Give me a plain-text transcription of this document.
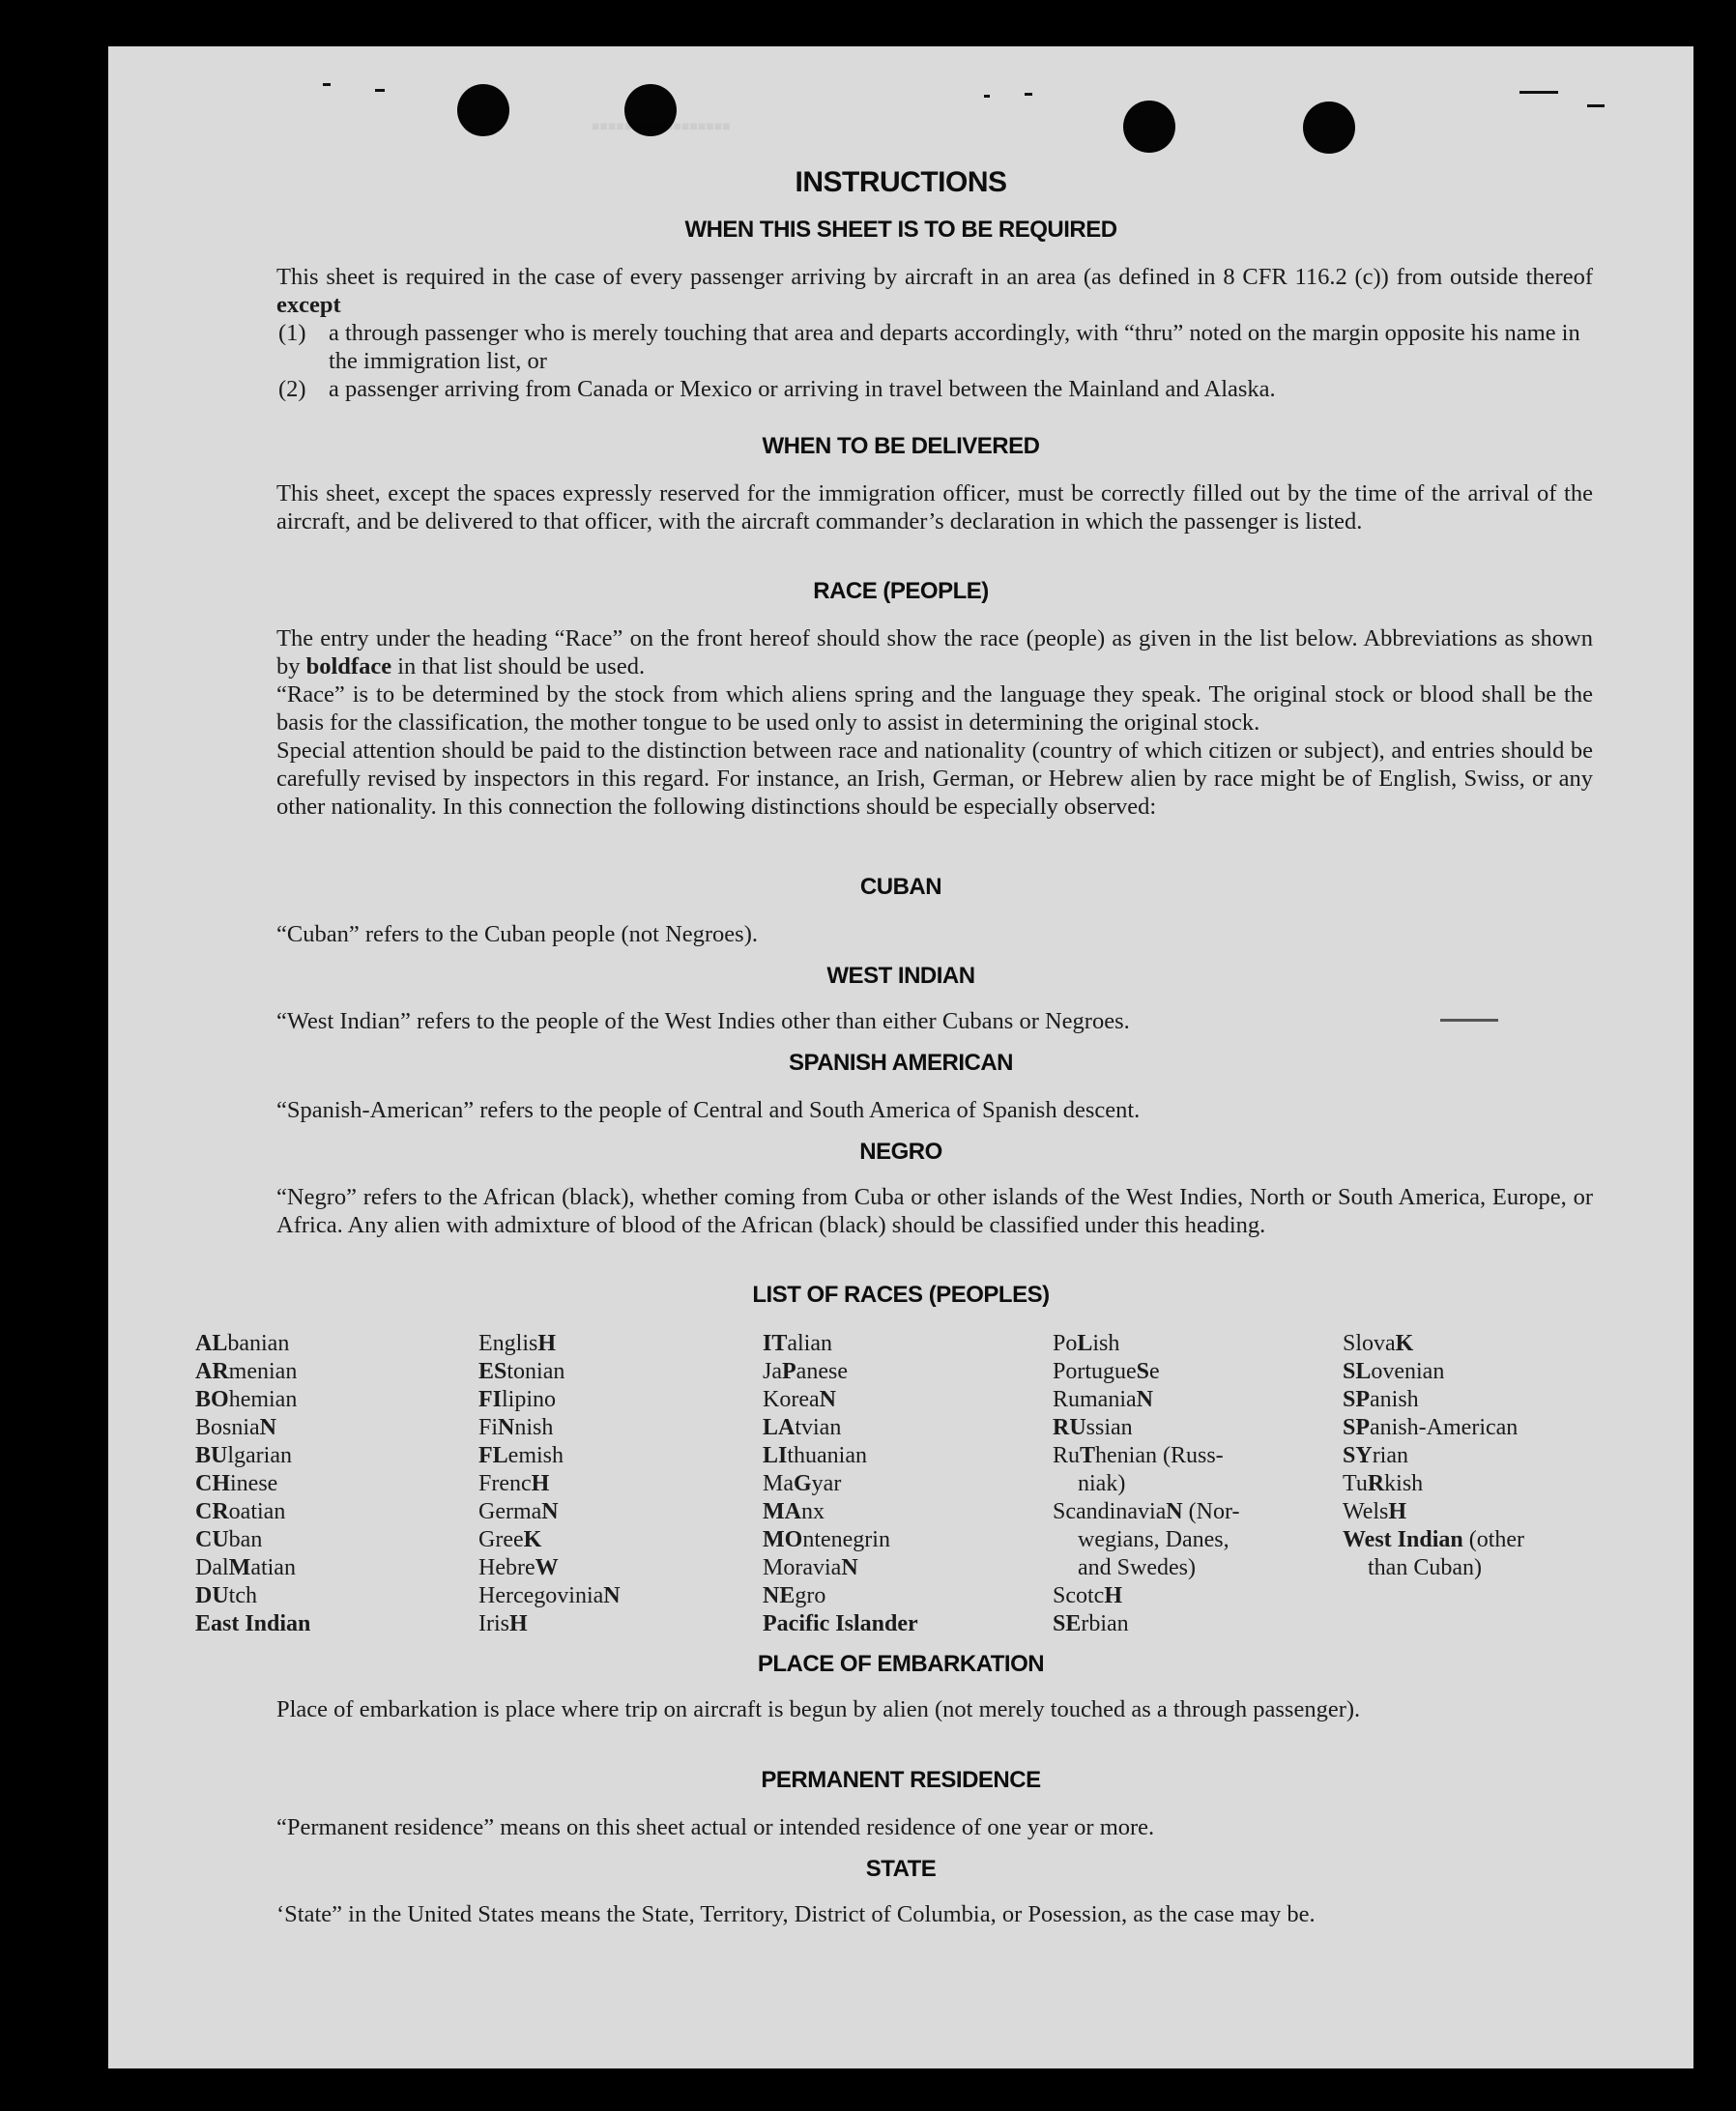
■■■■■■■■■■■■■■■■■
INSTRUCTIONS
WHEN THIS SHEET IS TO BE REQUIRED
This sheet is required in the case of every passenger arriving by aircraft in an area (as defined in 8 CFR 116.2 (c)) from outside thereof except
(1) a through passenger who is merely touching that area and departs accordingly, with “thru” noted on the margin opposite his name in the immigration list, or
(2) a passenger arriving from Canada or Mexico or arriving in travel between the Mainland and Alaska.
WHEN TO BE DELIVERED
This sheet, except the spaces expressly reserved for the immigration officer, must be correctly filled out by the time of the arrival of the aircraft, and be delivered to that officer, with the aircraft commander’s declaration in which the passenger is listed.
RACE (PEOPLE)
The entry under the heading “Race” on the front hereof should show the race (people) as given in the list below. Abbreviations as shown by boldface in that list should be used.
“Race” is to be determined by the stock from which aliens spring and the language they speak. The original stock or blood shall be the basis for the classification, the mother tongue to be used only to assist in determining the original stock.
Special attention should be paid to the distinction between race and nationality (country of which citizen or subject), and entries should be carefully revised by inspectors in this regard. For instance, an Irish, German, or Hebrew alien by race might be of English, Swiss, or any other nationality. In this connection the following distinctions should be especially observed:
CUBAN
“Cuban” refers to the Cuban people (not Negroes).
WEST INDIAN
“West Indian” refers to the people of the West Indies other than either Cubans or Negroes.
SPANISH AMERICAN
“Spanish-American” refers to the people of Central and South America of Spanish descent.
NEGRO
“Negro” refers to the African (black), whether coming from Cuba or other islands of the West Indies, North or South America, Europe, or Africa. Any alien with admixture of blood of the African (black) should be classified under this heading.
LIST OF RACES (PEOPLES)
ALbanian
ARmenian
BOhemian
BosniaN
BUlgarian
CHinese
CRoatian
CUban
DalMatian
DUtch
East Indian
EnglisH
EStonian
FIlipino
FiNnish
FLemish
FrencH
GermaN
GreeK
HebreW
HercegoviniaN
IrisH
ITalian
JaPanese
KoreaN
LAtvian
LIthuanian
MaGyar
MAnx
MOntenegrin
MoraviaN
NEgro
Pacific Islander
PoLish
PortugueSe
RumaniaN
RUssian
RuThenian (Russ-
niak)
ScandinaviaN (Nor-
wegians, Danes,
and Swedes)
ScotcH
SErbian
SlovaK
SLovenian
SPanish
SPanish-American
SYrian
TuRkish
WelsH
West Indian (other
than Cuban)
PLACE OF EMBARKATION
Place of embarkation is place where trip on aircraft is begun by alien (not merely touched as a through passenger).
PERMANENT RESIDENCE
“Permanent residence” means on this sheet actual or intended residence of one year or more.
STATE
‘State” in the United States means the State, Territory, District of Columbia, or Posession, as the case may be.
